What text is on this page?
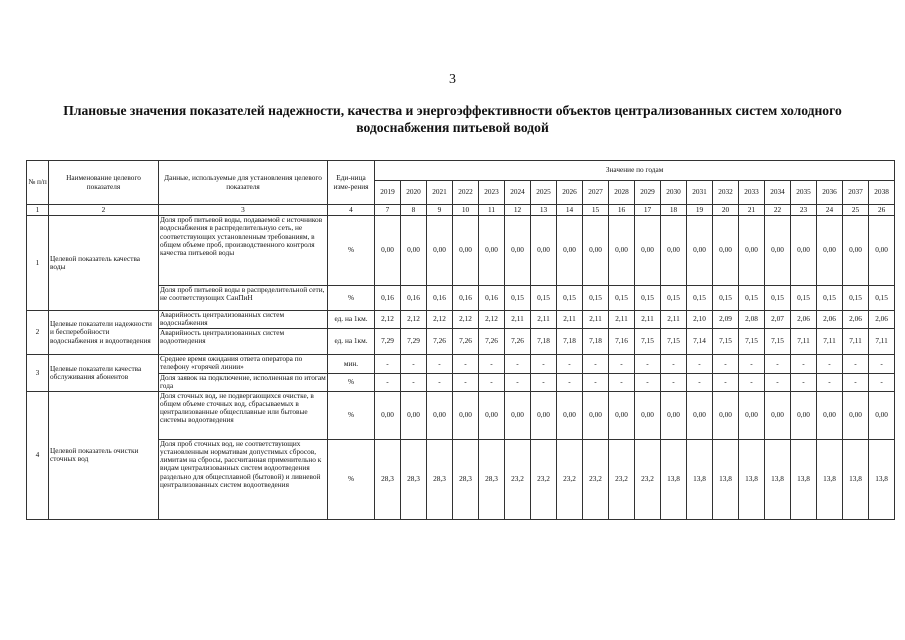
3
Плановые значения показателей надежности, качества и энергоэффективности объектов централизованных систем холодного водоснабжения питьевой водой
№ п/п	Наименование целевого показателя	Данные, используемые для установления целевого показателя	Еди-ница изме-рения	Значение по годам																			
				2019	2020	2021	2022	2023	2024	2025	2026	2027	2028	2029	2030	2031	2032	2033	2034	2035	2036	2037	2038
1	2	3	4	7	8	9	10	11	12	13	14	15	16	17	18	19	20	21	22	23	24	25	26
1	Целевой показатель качества воды	Доля проб питьевой воды, подаваемой с источников водоснабжения в распределительную сеть, не соответствующих установленным требованиям, в общем объеме проб, производственного контроля качества питьевой воды	%	0,00	0,00	0,00	0,00	0,00	0,00	0,00	0,00	0,00	0,00	0,00	0,00	0,00	0,00	0,00	0,00	0,00	0,00	0,00	0,00
		Доля проб питьевой воды в распределительной сети, не соответствующих СанПиН	%	0,16	0,16	0,16	0,16	0,16	0,15	0,15	0,15	0,15	0,15	0,15	0,15	0,15	0,15	0,15	0,15	0,15	0,15	0,15	0,15
2	Целевые показатели надежности и бесперебойности водоснабжения и водоотведения	Аварийность централизованных систем водоснабжения	ед. на 1км.	2,12	2,12	2,12	2,12	2,12	2,11	2,11	2,11	2,11	2,11	2,11	2,11	2,10	2,09	2,08	2,07	2,06	2,06	2,06	2,06
		Аварийность централизованных систем водоотведения	ед. на 1км.	7,29	7,29	7,26	7,26	7,26	7,26	7,18	7,18	7,18	7,16	7,15	7,15	7,14	7,15	7,15	7,15	7,11	7,11	7,11	7,11
3	Целевые показатели качества обслуживания абонентов	Среднее время ожидания ответа оператора по телефону «горячей линии»	мин.	-	-	-	-	-	-	-	-	-	-	-	-	-	-	-	-	-	-	-	-
		Доля заявок на подключение, исполненная по итогам года	%	-	-	-	-	-	-	-	-	-	-	-	-	-	-	-	-	-	-	-	-
4	Целевой показатель очистки сточных вод	Доля сточных вод, не подвергающихся очистке, в общем объеме сточных вод, сбрасываемых в централизованные общесплавные или бытовые системы водоотведения	%	0,00	0,00	0,00	0,00	0,00	0,00	0,00	0,00	0,00	0,00	0,00	0,00	0,00	0,00	0,00	0,00	0,00	0,00	0,00	0,00
		Доля проб сточных вод, не соответствующих установленным нормативам допустимых сбросов, лимитам на сбросы, рассчитанная применительно к видам централизованных систем водоотведения раздельно для общесплавной (бытовой) и ливневой централизованных систем водоотведения	%	28,3	28,3	28,3	28,3	28,3	23,2	23,2	23,2	23,2	23,2	23,2	13,8	13,8	13,8	13,8	13,8	13,8	13,8	13,8	13,8
